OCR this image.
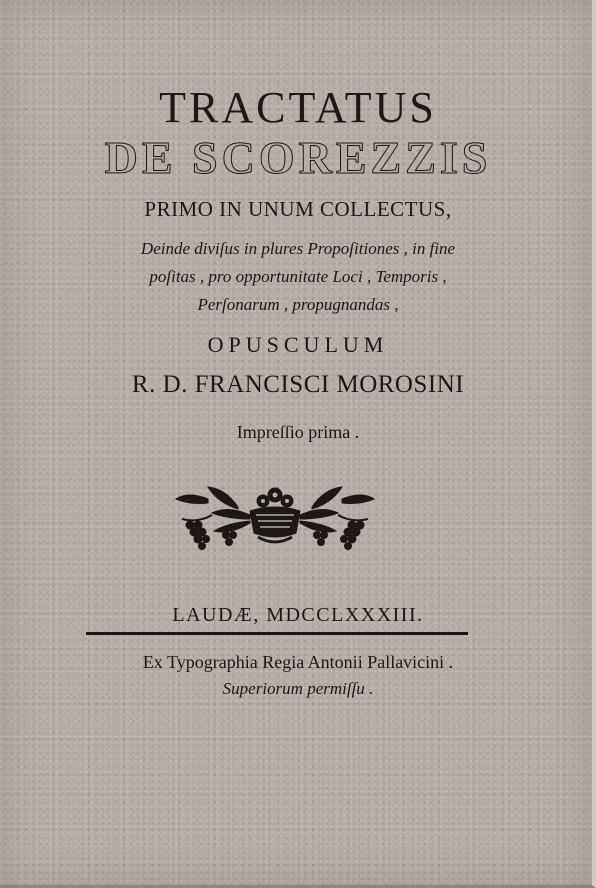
TRACTATUS
DE SCOREZZIS
PRIMO IN UNUM COLLECTUS,
Deinde diviſus in plures Propoſitiones , in fine
poſitas , pro opportunitate Loci , Temporis ,
Perſonarum , propugnandas ,
OPUSCULUM
R. D. FRANCISCI MOROSINI
Impreſſio prima .
LAUDÆ, MDCCLXXXIII.
Ex Typographia Regia Antonii Pallavicini .
Superiorum permiſſu .
